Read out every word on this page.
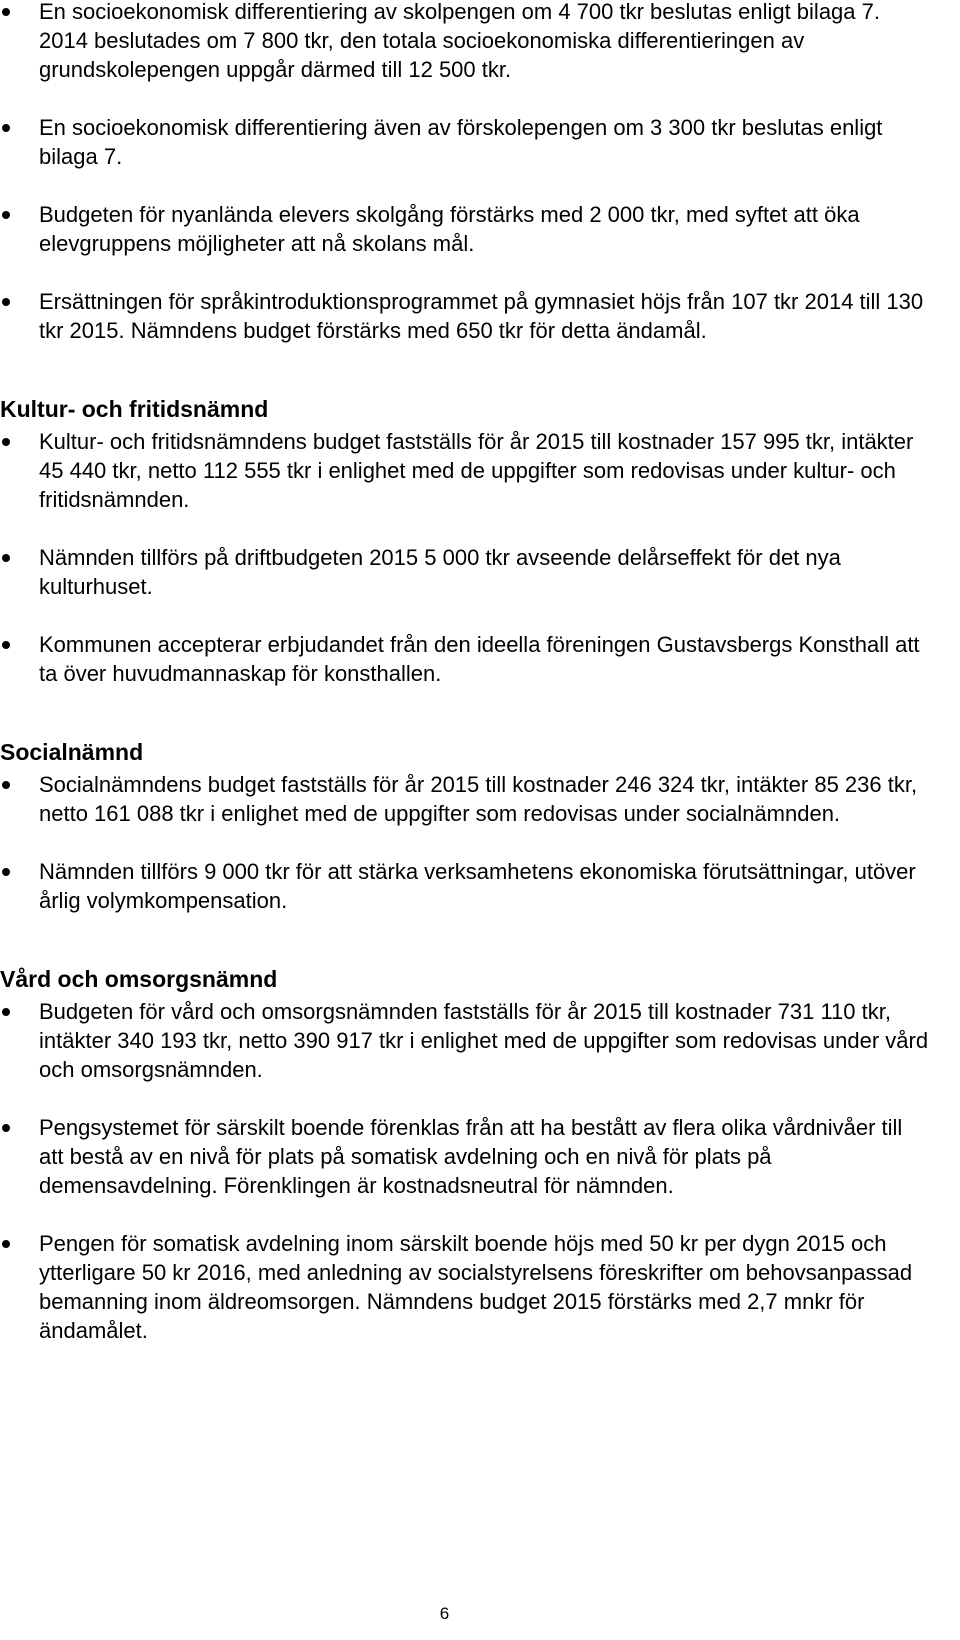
En socioekonomisk differentiering av skolpengen om 4 700 tkr beslutas enligt bilaga 7. 2014 beslutades om 7 800 tkr, den totala socioekonomiska differentieringen av grundskolepengen uppgår därmed till 12 500 tkr.
En socioekonomisk differentiering även av förskolepengen om 3 300 tkr beslutas enligt bilaga 7.
Budgeten för nyanlända elevers skolgång förstärks med 2 000 tkr, med syftet att öka elevgruppens möjligheter att nå skolans mål.
Ersättningen för språkintroduktionsprogrammet på gymnasiet höjs från 107 tkr 2014 till 130 tkr 2015. Nämndens budget förstärks med 650 tkr för detta ändamål.
Kultur- och fritidsnämnd
Kultur- och fritidsnämndens budget fastställs för år 2015 till kostnader 157 995 tkr, intäkter 45 440 tkr, netto 112 555 tkr i enlighet med de uppgifter som redovisas under kultur- och fritidsnämnden.
Nämnden tillförs på driftbudgeten 2015 5 000 tkr avseende delårseffekt för det nya kulturhuset.
Kommunen accepterar erbjudandet från den ideella föreningen Gustavsbergs Konsthall att ta över huvudmannaskap för konsthallen.
Socialnämnd
Socialnämndens budget fastställs för år 2015 till kostnader 246 324 tkr, intäkter 85 236 tkr, netto 161 088 tkr i enlighet med de uppgifter som redovisas under socialnämnden.
Nämnden tillförs 9 000 tkr för att stärka verksamhetens ekonomiska förutsättningar, utöver årlig volymkompensation.
Vård och omsorgsnämnd
Budgeten för vård och omsorgsnämnden fastställs för år 2015 till kostnader 731 110 tkr, intäkter 340 193 tkr, netto 390 917 tkr i enlighet med de uppgifter som redovisas under vård och omsorgsnämnden.
Pengsystemet för särskilt boende förenklas från att ha bestått av flera olika vårdnivåer till att bestå av en nivå för plats på somatisk avdelning och en nivå för plats på demensavdelning. Förenklingen är kostnadsneutral för nämnden.
Pengen för somatisk avdelning inom särskilt boende höjs med 50 kr per dygn 2015 och ytterligare 50 kr 2016, med anledning av socialstyrelsens föreskrifter om behovsanpassad bemanning inom äldreomsorgen. Nämndens budget 2015 förstärks med 2,7 mnkr för ändamålet.
6
